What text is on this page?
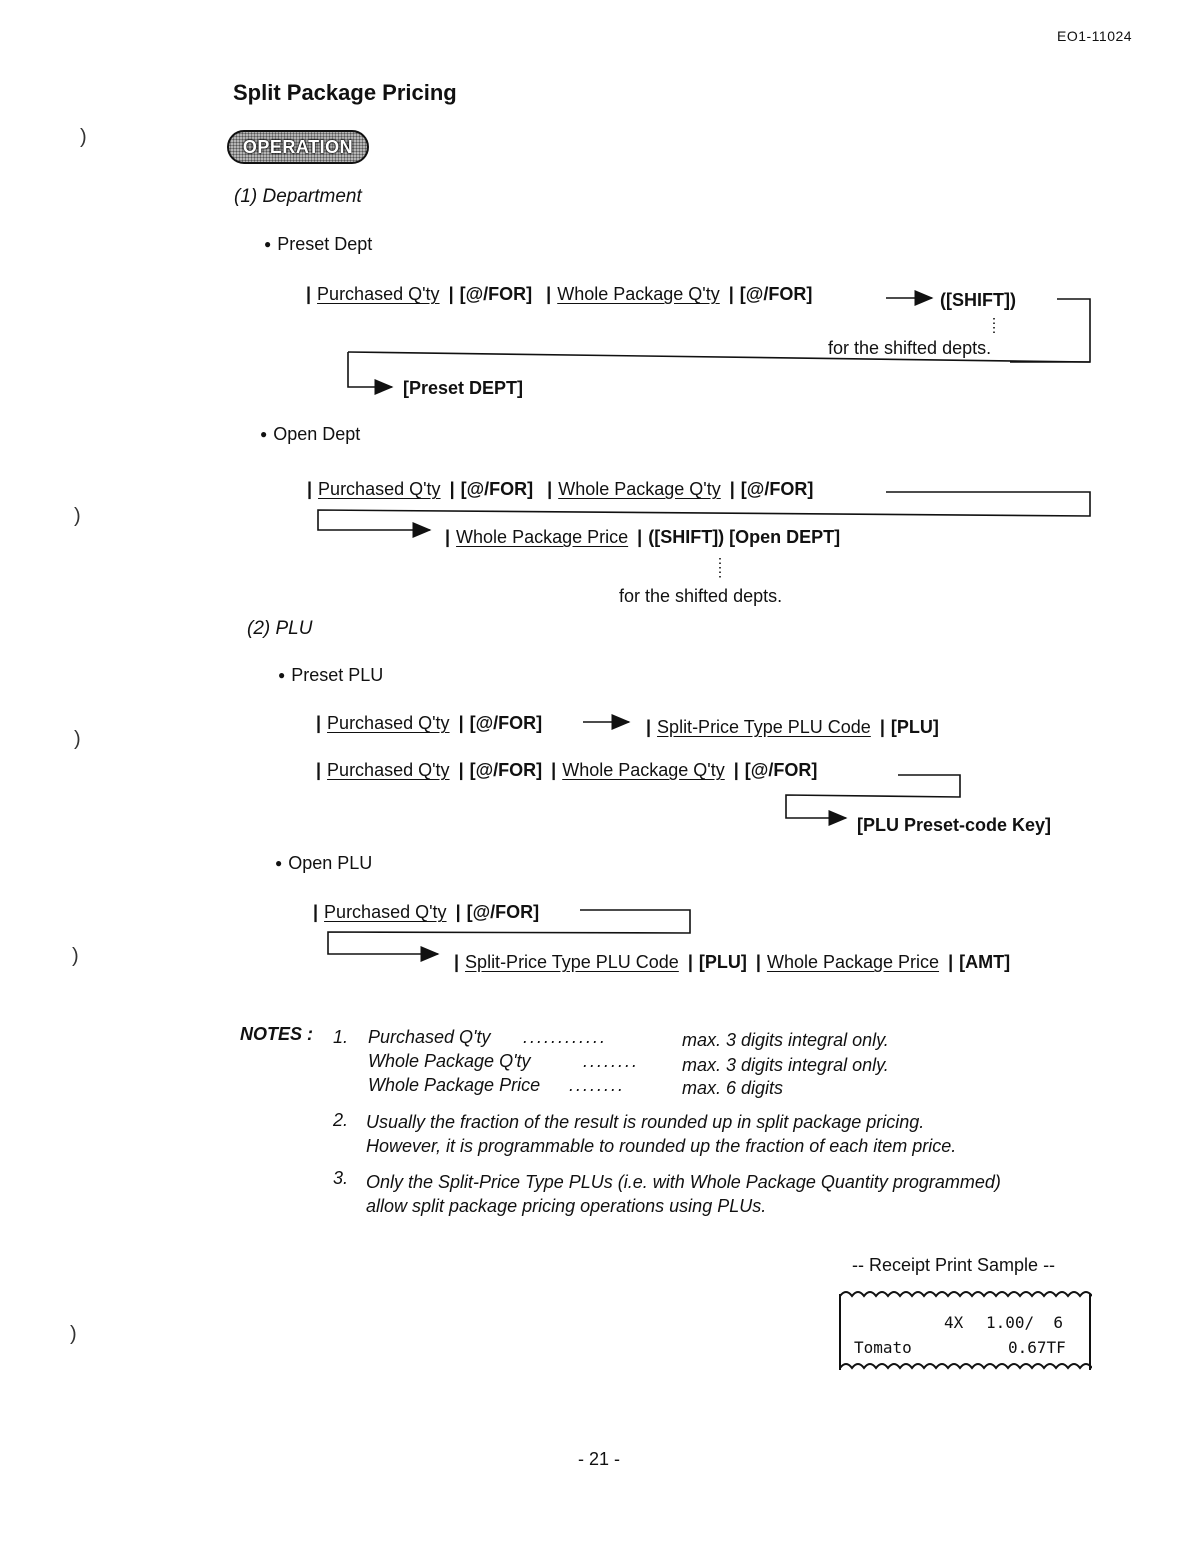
)
)
)
)
)
EO1-11024
Split Package Pricing
OPERATION
(1) Department
● Preset Dept
| Purchased Q'ty | [@/FOR] | Whole Package Q'ty | [@/FOR]	([SHIFT])
for the shifted depts.
[Preset DEPT]
● Open Dept
| Purchased Q'ty | [@/FOR] | Whole Package Q'ty | [@/FOR]
| Whole Package Price | ([SHIFT]) [Open DEPT]
for the shifted depts.
(2) PLU
● Preset PLU
| Purchased Q'ty | [@/FOR]	| Split-Price Type PLU Code | [PLU]
| Purchased Q'ty | [@/FOR] | Whole Package Q'ty | [@/FOR]
[PLU Preset-code Key]
● Open PLU
| Purchased Q'ty | [@/FOR]
| Split-Price Type PLU Code | [PLU] | Whole Package Price | [AMT]
NOTES : 1. Purchased Q'ty ............	max. 3 digits integral only.
Whole Package Q'ty	........ max. 3 digits integral only.
Whole Package Price ........	max. 6 digits
2. Usually the fraction of the result is rounded up in split package pricing.
However, it is programmable to rounded up the fraction of each item price.
3. Only the Split-Price Type PLUs (i.e. with Whole Package Quantity programmed)
allow split package pricing operations using PLUs.
-- Receipt Print Sample --
4X 1.00/  6
Tomato	0.67TF
- 21 -
